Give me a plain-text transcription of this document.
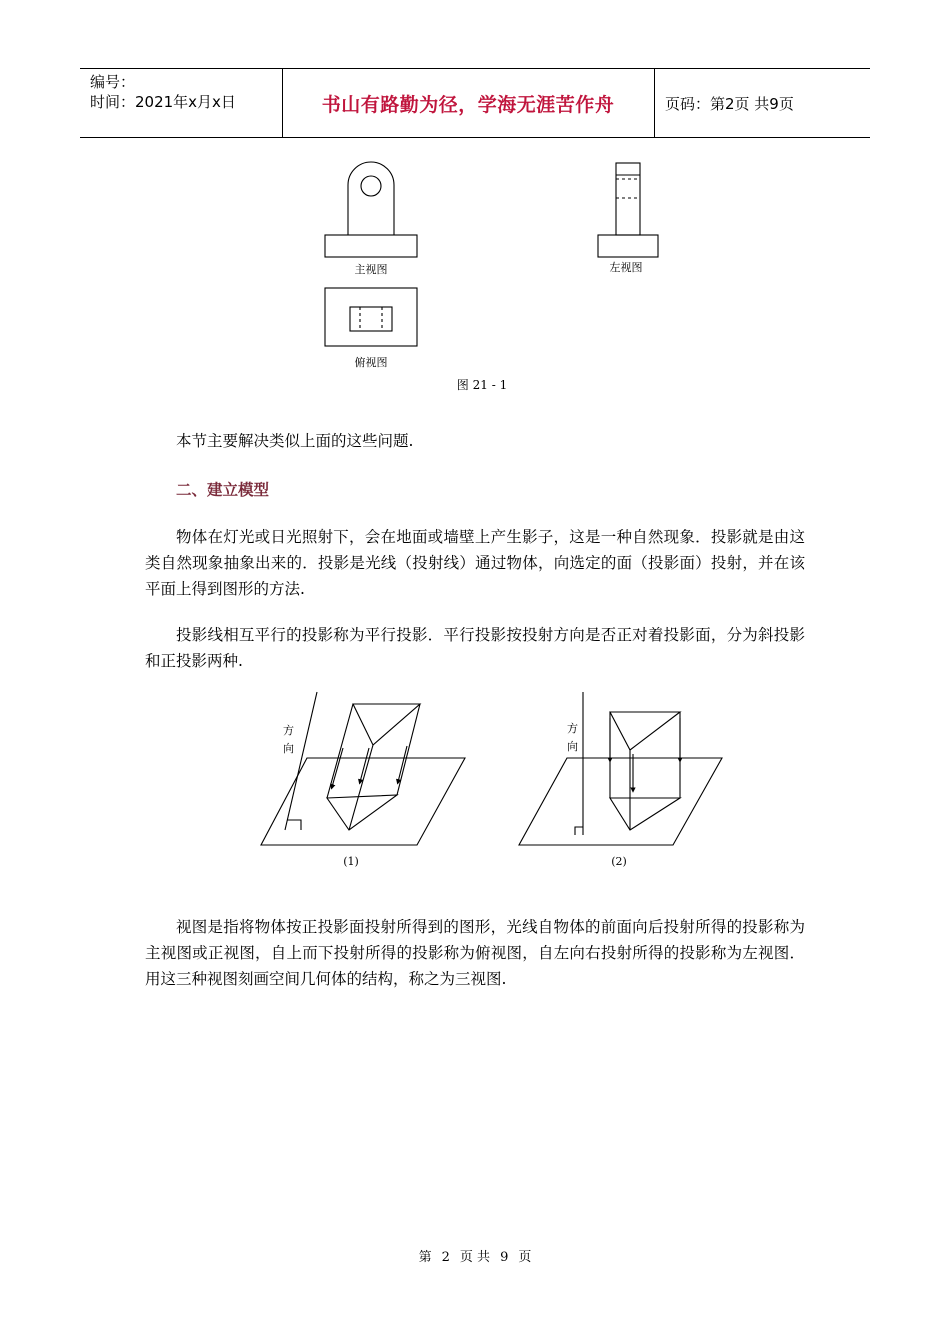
编号：
时间：2021年x月x日	书山有路勤为径，学海无涯苦作舟	页码：第2页 共9页
主视图	左视图
俯视图
图 21 - 1

本节主要解决类似上面的这些问题.

二、建立模型

物体在灯光或日光照射下，会在地面或墙壁上产生影子，这是一种自然现象．投影就是由这类自然现象抽象出来的．投影是光线（投射线）通过物体，向选定的面（投影面）投射，并在该平面上得到图形的方法.

投影线相互平行的投影称为平行投影．平行投影按投射方向是否正对着投影面，分为斜投影和正投影两种.

方
向
方
向
(1)	(2)

视图是指将物体按正投影面投射所得到的图形，光线自物体的前面向后投射所得的投影称为主视图或正视图，自上而下投射所得的投影称为俯视图，自左向右投射所得的投影称为左视图．用这三种视图刻画空间几何体的结构，称之为三视图.

第 2 页 共 9 页
